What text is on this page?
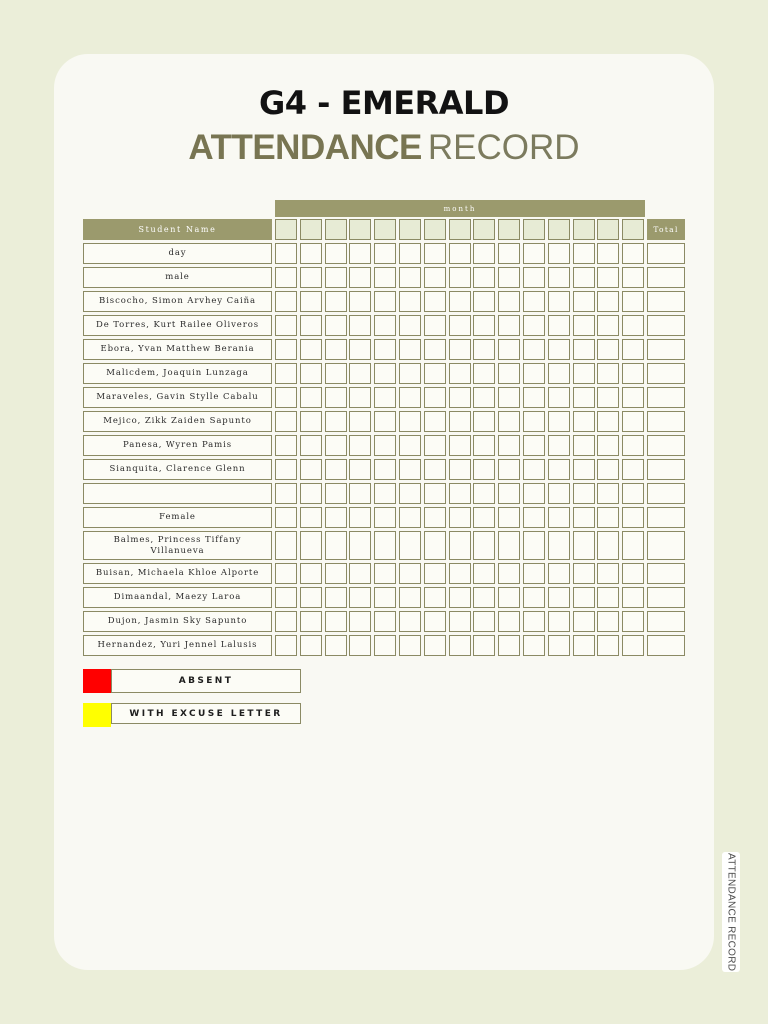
G4 - EMERALD
ATTENDANCE RECORD
month
Student Name	Total
day
male
Biscocho, Simon Arvhey Caiña
De Torres, Kurt Railee Oliveros
Ebora, Yvan Matthew Berania
Malicdem, Joaquin Lunzaga
Maraveles, Gavin Stylle Cabalu
Mejico, Zikk Zaiden Sapunto
Panesa, Wyren Pamis
Sianquita, Clarence Glenn
Female
Balmes, Princess Tiffany Villanueva
Buisan, Michaela Khloe Alporte
Dimaandal, Maezy Laroa
Dujon, Jasmin Sky Sapunto
Hernandez, Yuri Jennel Lalusis
ABSENT
WITH EXCUSE LETTER
ATTENDANCE RECORD
